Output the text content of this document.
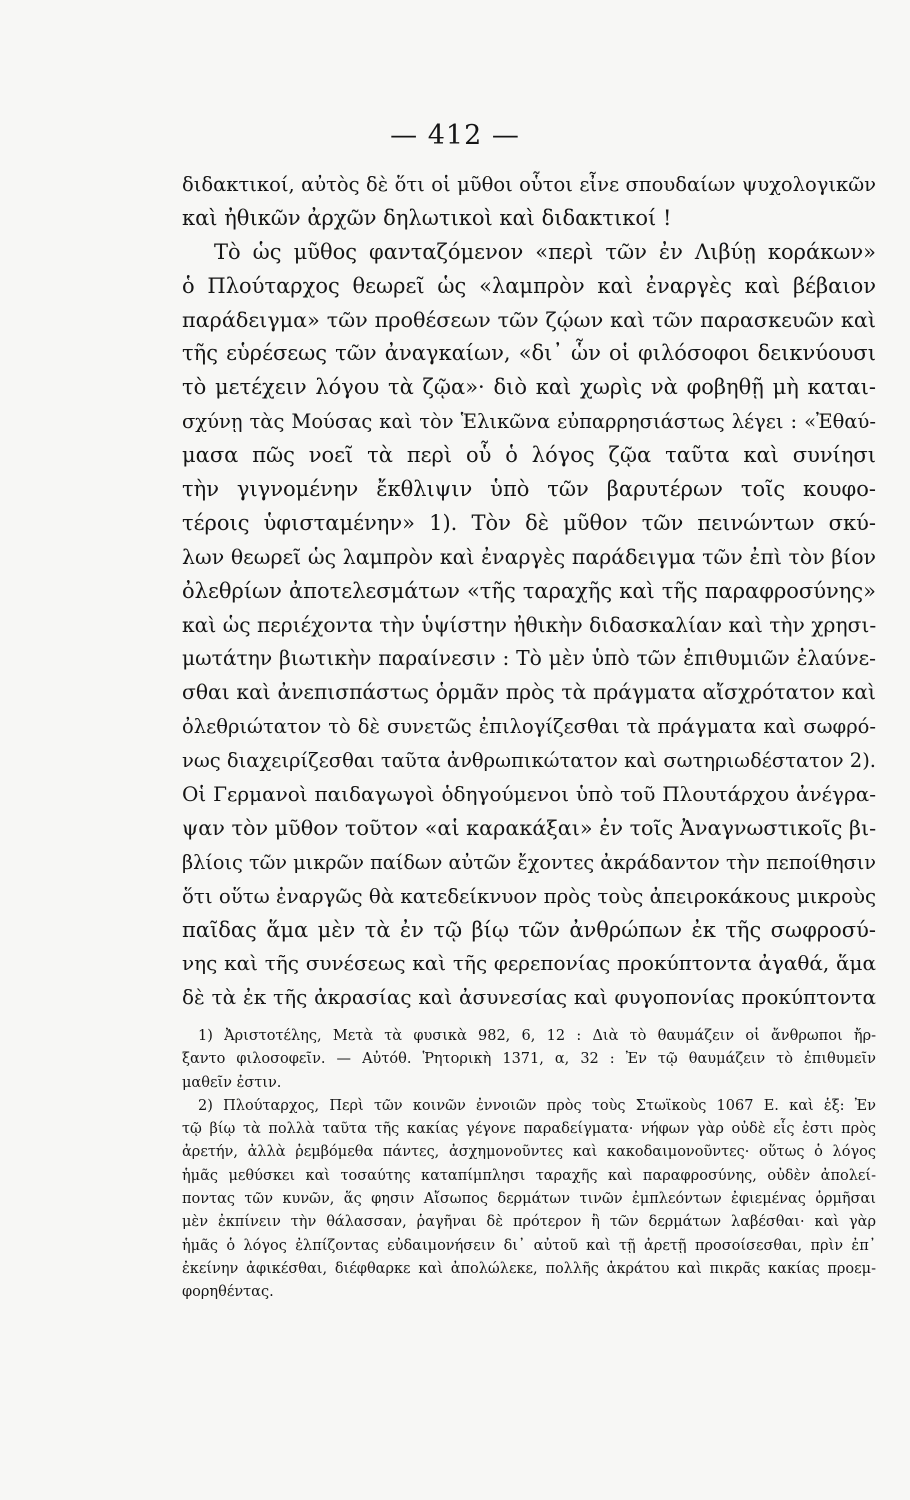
— 412 —
διδακτικοί, αὐτὸς δὲ ὅτι οἱ μῦθοι οὗτοι εἶνε σπουδαίων ψυχολογικῶν
καὶ ἠθικῶν ἀρχῶν δηλωτικοὶ καὶ διδακτικοί !
Τὸ ὡς μῦθος φανταζόμενον «περὶ τῶν ἐν Λιβύῃ κοράκων»
ὁ Πλούταρχος θεωρεῖ ὡς «λαμπρὸν καὶ ἐναργὲς καὶ βέβαιον
παράδειγμα» τῶν προθέσεων τῶν ζῴων καὶ τῶν παρασκευῶν καὶ
τῆς εὑρέσεως τῶν ἀναγκαίων, «δι᾿ ὧν οἱ φιλόσοφοι δεικνύουσι
τὸ μετέχειν λόγου τὰ ζῷα»· διὸ καὶ χωρὶς νὰ φοβηθῇ μὴ καται-
σχύνῃ τὰς Μούσας καὶ τὸν Ἑλικῶνα εὐπαρρησιάστως λέγει : «Ἐθαύ-
μασα πῶς νοεῖ τὰ περὶ οὗ ὁ λόγος ζῷα ταῦτα καὶ συνίησι
τὴν γιγνομένην ἔκθλιψιν ὑπὸ τῶν βαρυτέρων τοῖς κουφο-
τέροις ὑφισταμένην» 1). Τὸν δὲ μῦθον τῶν πεινώντων σκύ-
λων θεωρεῖ ὡς λαμπρὸν καὶ ἐναργὲς παράδειγμα τῶν ἐπὶ τὸν βίον
ὀλεθρίων ἀποτελεσμάτων «τῆς ταραχῆς καὶ τῆς παραφροσύνης»
καὶ ὡς περιέχοντα τὴν ὑψίστην ἠθικὴν διδασκαλίαν καὶ τὴν χρησι-
μωτάτην βιωτικὴν παραίνεσιν : Τὸ μὲν ὑπὸ τῶν ἐπιθυμιῶν ἐλαύνε-
σθαι καὶ ἀνεπισπάστως ὁρμᾶν πρὸς τὰ πράγματα αἴσχρότατον καὶ
ὀλεθριώτατον τὸ δὲ συνετῶς ἐπιλογίζεσθαι τὰ πράγματα καὶ σωφρό-
νως διαχειρίζεσθαι ταῦτα ἀνθρωπικώτατον καὶ σωτηριωδέστατον 2).
Οἱ Γερμανοὶ παιδαγωγοὶ ὁδηγούμενοι ὑπὸ τοῦ Πλουτάρχου ἀνέγρα-
ψαν τὸν μῦθον τοῦτον «αἱ καρακάξαι» ἐν τοῖς Ἀναγνωστικοῖς βι-
βλίοις τῶν μικρῶν παίδων αὐτῶν ἔχοντες ἀκράδαντον τὴν πεποίθησιν
ὅτι οὕτω ἐναργῶς θὰ κατεδείκνυον πρὸς τοὺς ἀπειροκάκους μικροὺς
παῖδας ἅμα μὲν τὰ ἐν τῷ βίῳ τῶν ἀνθρώπων ἐκ τῆς σωφροσύ-
νης καὶ τῆς συνέσεως καὶ τῆς φερεπονίας προκύπτοντα ἀγαθά, ἅμα
δὲ τὰ ἐκ τῆς ἀκρασίας καὶ ἀσυνεσίας καὶ φυγοπονίας προκύπτοντα
1) Ἀριστοτέλης, Μετὰ τὰ φυσικὰ 982, 6, 12 : Διὰ τὸ θαυμάζειν οἱ ἄνθρωποι ἤρ-
ξαντο φιλοσοφεῖν. — Αὐτόθ. Ῥητορικὴ 1371, α, 32 : Ἐν τῷ θαυμάζειν τὸ ἐπιθυμεῖν
μαθεῖν ἐστιν.
2) Πλούταρχος, Περὶ τῶν κοινῶν ἐννοιῶν πρὸς τοὺς Στωϊκοὺς 1067 Ε. καὶ ἑξ: Ἐν
τῷ βίῳ τὰ πολλὰ ταῦτα τῆς κακίας γέγονε παραδείγματα· νήφων γὰρ οὐδὲ εἷς ἐστι πρὸς
ἀρετήν, ἀλλὰ ῥεμβόμεθα πάντες, ἀσχημονοῦντες καὶ κακοδαιμονοῦντες· οὕτως ὁ λόγος
ἡμᾶς μεθύσκει καὶ τοσαύτης καταπίμπλησι ταραχῆς καὶ παραφροσύνης, οὐδὲν ἀπολεί-
ποντας τῶν κυνῶν, ἅς φησιν Αἴσωπος δερμάτων τινῶν ἐμπλεόντων ἐφιεμένας ὁρμῆσαι
μὲν ἐκπίνειν τὴν θάλασσαν, ῥαγῆναι δὲ πρότερον ἢ τῶν δερμάτων λαβέσθαι· καὶ γὰρ
ἡμᾶς ὁ λόγος ἐλπίζοντας εὐδαιμονήσειν δι᾿ αὐτοῦ καὶ τῇ ἀρετῇ προσοίσεσθαι, πρὶν ἐπ᾿
ἐκείνην ἀφικέσθαι, διέφθαρκε καὶ ἀπολώλεκε, πολλῆς ἀκράτου καὶ πικρᾶς κακίας προεμ-
φορηθέντας.
